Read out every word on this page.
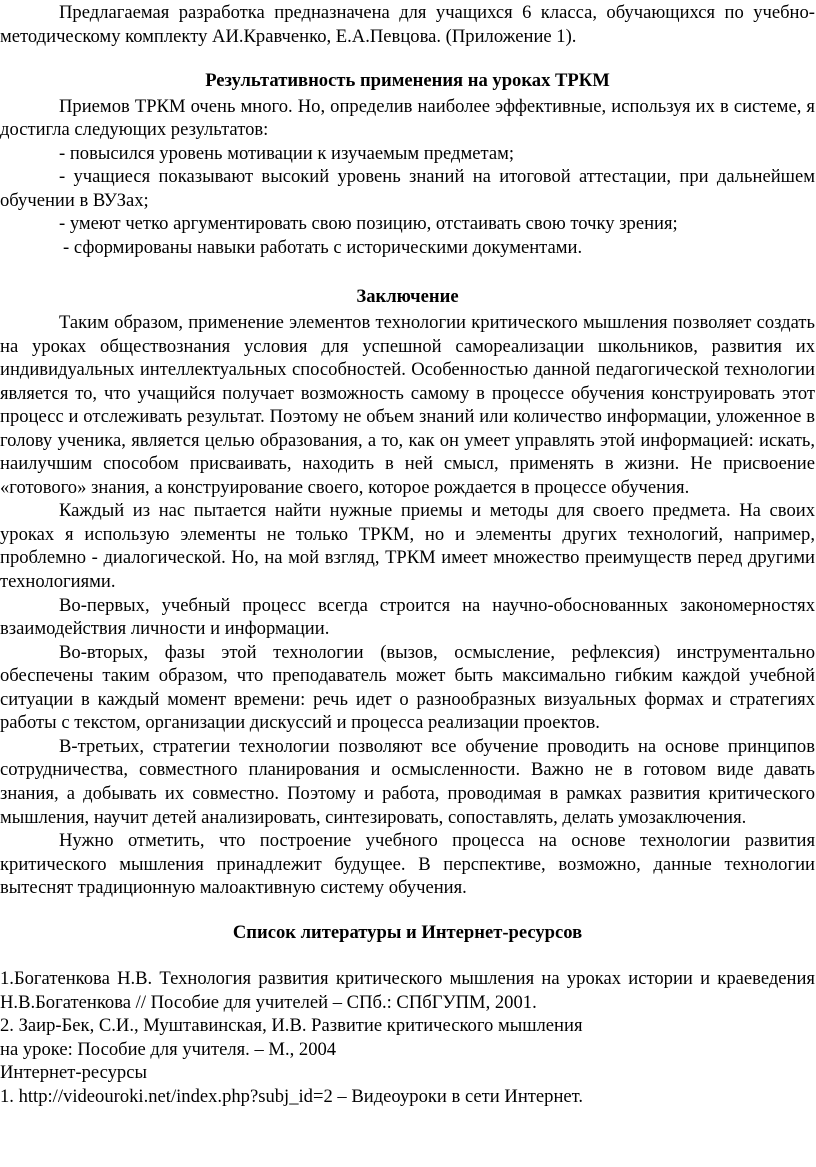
Предлагаемая разработка предназначена для учащихся 6 класса, обучающихся по учебно-методическому комплекту АИ.Кравченко, Е.А.Певцова. (Приложение 1).

Результативность применения на уроках ТРКМ

Приемов ТРКМ очень много. Но, определив наиболее эффективные, используя их в системе, я достигла следующих результатов:

- повысился уровень мотивации к изучаемым предметам;

- учащиеся показывают высокий уровень знаний на итоговой аттестации, при дальнейшем обучении в ВУЗах;

- умеют четко аргументировать свою позицию, отстаивать свою точку зрения;

- сформированы навыки работать с историческими документами.

Заключение

Таким образом, применение элементов технологии критического мышления позволяет создать на уроках обществознания условия для успешной самореализации школьников, развития их индивидуальных интеллектуальных способностей. Особенностью данной педагогической технологии является то, что учащийся получает возможность самому в процессе обучения конструировать этот процесс и отслеживать результат. Поэтому не объем знаний или количество информации, уложенное в голову ученика, является целью образования, а то, как он умеет управлять этой информацией: искать, наилучшим способом присваивать, находить в ней смысл, применять в жизни. Не присвоение «готового» знания, а конструирование своего, которое рождается в процессе обучения.

Каждый из нас пытается найти нужные приемы и методы для своего предмета. На своих уроках я использую элементы не только ТРКМ, но и элементы других технологий, например, проблемно - диалогической. Но, на мой взгляд, ТРКМ имеет множество преимуществ перед другими технологиями.

Во-первых, учебный процесс всегда строится на научно-обоснованных закономерностях взаимодействия личности и информации.

Во-вторых, фазы этой технологии (вызов, осмысление, рефлексия) инструментально обеспечены таким образом, что преподаватель может быть максимально гибким каждой учебной ситуации в каждый момент времени: речь идет о разнообразных визуальных формах и стратегиях работы с текстом, организации дискуссий и процесса реализации проектов.

В-третьих, стратегии технологии позволяют все обучение проводить на основе принципов сотрудничества, совместного планирования и осмысленности. Важно не в готовом виде давать знания, а добывать их совместно. Поэтому и работа, проводимая в рамках развития критического мышления, научит детей анализировать, синтезировать, сопоставлять, делать умозаключения.

Нужно отметить, что построение учебного процесса на основе технологии развития критического мышления принадлежит будущее. В перспективе, возможно, данные технологии вытеснят традиционную малоактивную систему обучения.

Список литературы и Интернет-ресурсов

1.Богатенкова Н.В. Технология развития критического мышления на уроках истории и краеведения Н.В.Богатенкова // Пособие для учителей – СПб.: СПбГУПМ, 2001.

2. Заир-Бек, С.И., Муштавинская, И.В. Развитие критического мышления

на уроке: Пособие для учителя. – М., 2004

Интернет-ресурсы

1. http://videouroki.net/index.php?subj_id=2 – Видеоуроки в сети Интернет.
